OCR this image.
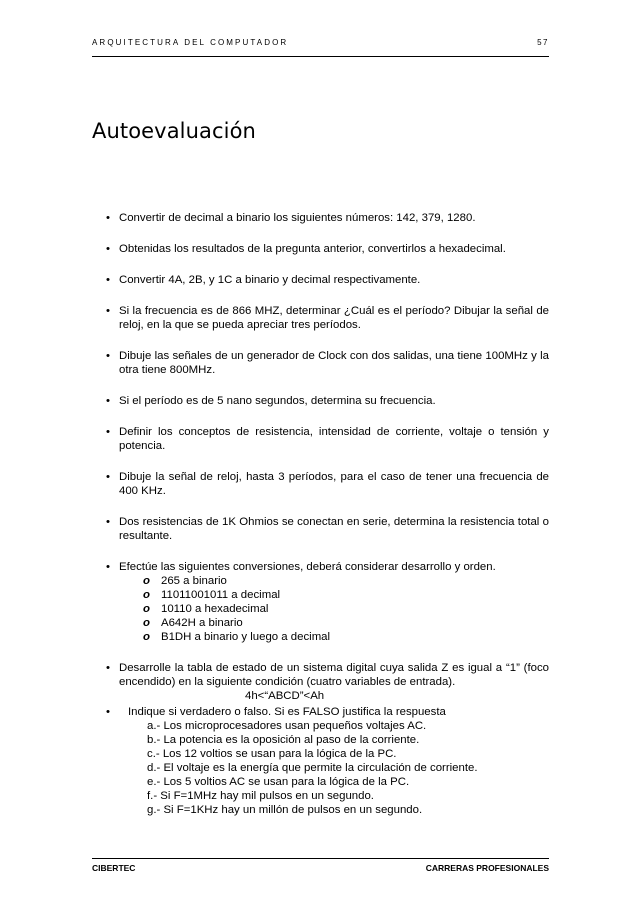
ARQUITECTURA DEL COMPUTADOR	57
Autoevaluación
• Convertir de decimal a binario los siguientes números: 142, 379, 1280.
• Obtenidas los resultados de la pregunta anterior, convertirlos a hexadecimal.
• Convertir 4A, 2B, y 1C a binario y decimal respectivamente.
• Si la frecuencia es de 866 MHZ, determinar ¿Cuál es el período? Dibujar la señal de reloj, en la que se pueda apreciar tres períodos.
• Dibuje las señales de un generador de Clock con dos salidas, una tiene 100MHz y la otra tiene 800MHz.
• Si el período es de 5 nano segundos, determina su frecuencia.
• Definir los conceptos de resistencia, intensidad de corriente, voltaje o tensión y potencia.
• Dibuje la señal de reloj, hasta 3 períodos, para el caso de tener una frecuencia de 400 KHz.
• Dos resistencias de 1K Ohmios se conectan en serie, determina la resistencia total o resultante.
• Efectúe las siguientes conversiones, deberá considerar desarrollo y orden.
o 265 a binario
o 11011001011 a decimal
o 10110 a hexadecimal
o A642H a binario
o B1DH a binario y luego a decimal
• Desarrolle la tabla de estado de un sistema digital cuya salida Z es igual a “1” (foco encendido) en la siguiente condición (cuatro variables de entrada).
4h<“ABCD”<Ah
•	Indique si verdadero o falso. Si es FALSO justifica la respuesta
a.- Los microprocesadores usan pequeños voltajes AC.
b.- La potencia es la oposición al paso de la corriente.
c.- Los 12 voltios se usan para la lógica de la PC.
d.- El voltaje es la energía que permite la circulación de corriente.
e.- Los 5 voltios AC se usan para la lógica de la PC.
f.- Si F=1MHz hay mil pulsos en un segundo.
g.- Si F=1KHz hay un millón de pulsos en un segundo.
CIBERTEC	CARRERAS PROFESIONALES
